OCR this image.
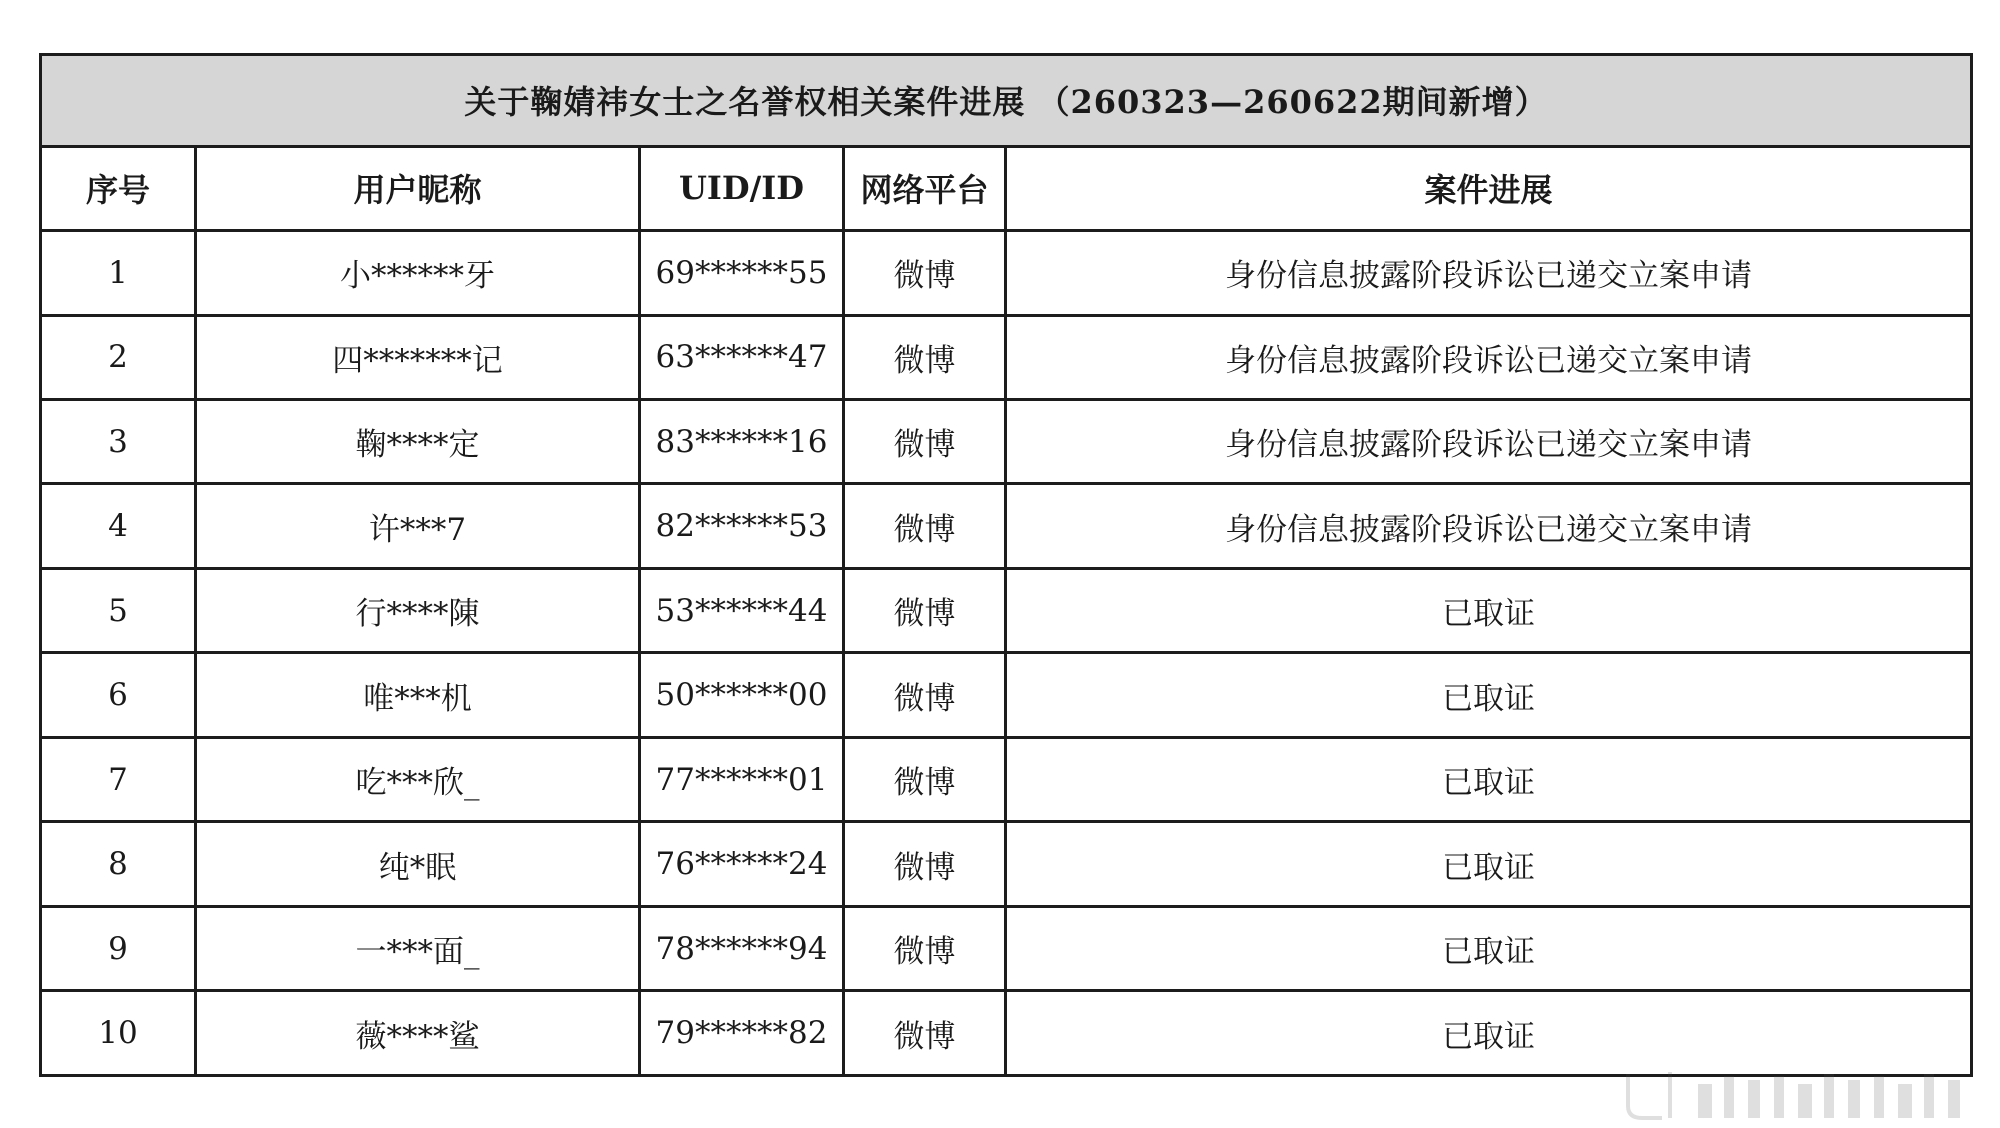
关于鞠婧祎女士之名誉权相关案件进展 （260323—260622期间新增）				
序号	用户昵称	UID/ID	网络平台	案件进展
1	小******牙	69******55	微博	身份信息披露阶段诉讼已递交立案申请
2	四*******记	63******47	微博	身份信息披露阶段诉讼已递交立案申请
3	鞠****定	83******16	微博	身份信息披露阶段诉讼已递交立案申请
4	许***7	82******53	微博	身份信息披露阶段诉讼已递交立案申请
5	行****陳	53******44	微博	已取证
6	唯***机	50******00	微博	已取证
7	吃***欣_	77******01	微博	已取证
8	纯*眠	76******24	微博	已取证
9	一***面_	78******94	微博	已取证
10	薇****鲨	79******82	微博	已取证
